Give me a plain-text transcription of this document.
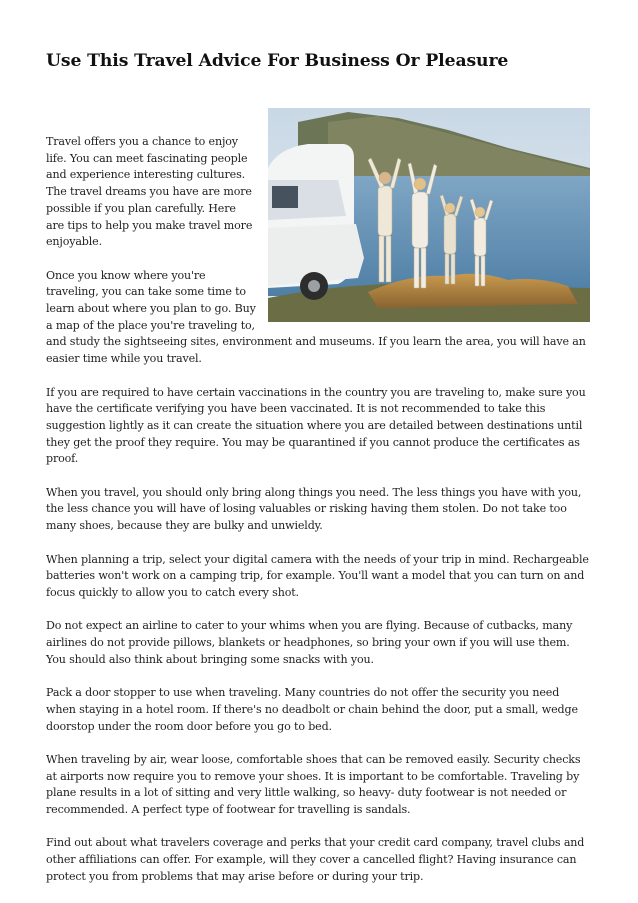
Use This Travel Advice For Business Or Pleasure

Travel offers you a chance to enjoy life. You can meet fascinating people and experience interesting cultures. The travel dreams you have are more possible if you plan carefully. Here are tips to help you make travel more enjoyable.

Once you know where you're traveling, you can take some time to learn about where you plan to go. Buy a map of the place you're traveling to, and study the sightseeing sites, environment and museums. If you learn the area, you will have an easier time while you travel.

If you are required to have certain vaccinations in the country you are traveling to, make sure you have the certificate verifying you have been vaccinated. It is not recommended to take this suggestion lightly as it can create the situation where you are detailed between destinations until they get the proof they require. You may be quarantined if you cannot produce the certificates as proof.

When you travel, you should only bring along things you need. The less things you have with you, the less chance you will have of losing valuables or risking having them stolen. Do not take too many shoes, because they are bulky and unwieldy.

When planning a trip, select your digital camera with the needs of your trip in mind. Rechargeable batteries won't work on a camping trip, for example. You'll want a model that you can turn on and focus quickly to allow you to catch every shot.

Do not expect an airline to cater to your whims when you are flying. Because of cutbacks, many airlines do not provide pillows, blankets or headphones, so bring your own if you will use them. You should also think about bringing some snacks with you.

Pack a door stopper to use when traveling. Many countries do not offer the security you need when staying in a hotel room. If there's no deadbolt or chain behind the door, put a small, wedge doorstop under the room door before you go to bed.

When traveling by air, wear loose, comfortable shoes that can be removed easily. Security checks at airports now require you to remove your shoes. It is important to be comfortable. Traveling by plane results in a lot of sitting and very little walking, so heavy- duty footwear is not needed or recommended. A perfect type of footwear for travelling is sandals.

Find out about what travelers coverage and perks that your credit card company, travel clubs and other affiliations can offer. For example, will they cover a cancelled flight? Having insurance can protect you from problems that may arise before or during your trip.
